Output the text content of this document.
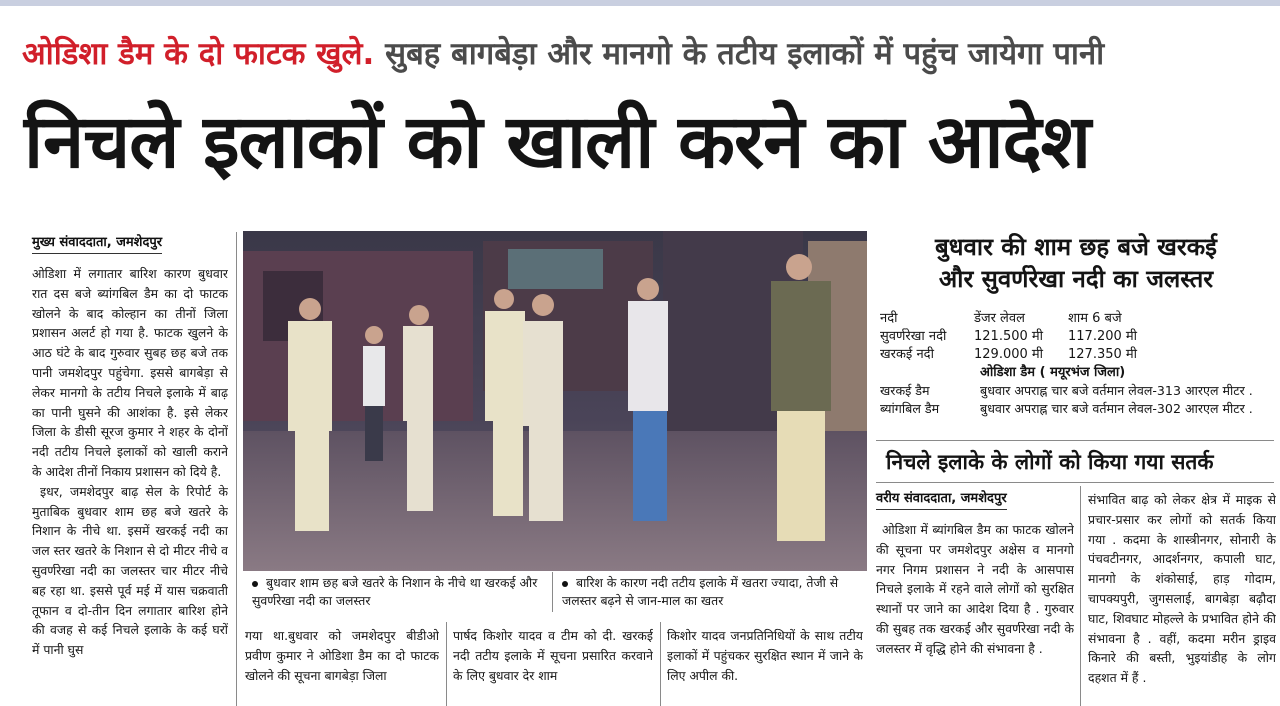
ओडिशा डैम के दो फाटक खुले. सुबह बागबेड़ा और मानगो के तटीय इलाकों में पहुंच जायेगा पानी
निचले इलाकों को खाली करने का आदेश
मुख्य संवाददाता, जमशेदपुर

ओडिशा में लगातार बारिश कारण बुधवार रात दस बजे ब्यांगबिल डैम का दो फाटक खोलने के बाद कोल्हान का तीनों जिला प्रशासन अलर्ट हो गया है. फाटक खुलने के आठ घंटे के बाद गुरुवार सुबह छह बजे तक पानी जमशेदपुर पहुंचेगा. इससे बागबेड़ा से लेकर मानगो के तटीय निचले इलाके में बाढ़ का पानी घुसने की आशंका है. इसे लेकर जिला के डीसी सूरज कुमार ने शहर के दोनों नदी तटीय निचले इलाकों को खाली कराने के आदेश तीनों निकाय प्रशासन को दिये है.

इधर, जमशेदपुर बाढ़ सेल के रिपोर्ट के मुताबिक बुधवार शाम छह बजे खतरे के निशान के नीचे था. इसमें खरकई नदी का जल स्तर खतरे के निशान से दो मीटर नीचे व सुवर्णरेखा नदी का जलस्तर चार मीटर नीचे बह रहा था. इससे पूर्व मई में यास चक्रवाती तूफान व दो-तीन दिन लगातार बारिश होने की वजह से कई निचले इलाके के कई घरों में पानी घुस

बुधवार शाम छह बजे खतरे के निशान के नीचे था खरकई और सुवर्णरेखा नदी का जलस्तर
बारिश के कारण नदी तटीय इलाके में खतरा ज्यादा, तेजी से जलस्तर बढ़ने से जान-माल का खतर
गया था.बुधवार को जमशेदपुर बीडीओ प्रवीण कुमार ने ओडिशा डैम का दो फाटक खोलने की सूचना बागबेड़ा जिला
पार्षद किशोर यादव व टीम को दी. खरकई नदी तटीय इलाके में सूचना प्रसारित करवाने के लिए बुधवार देर शाम
किशोर यादव जनप्रतिनिधियों के साथ तटीय इलाकों में पहुंचकर सुरक्षित स्थान में जाने के लिए अपील की.
बुधवार की शाम छह बजे खरकई
और सुवर्णरेखा नदी का जलस्तर
नदी	डेंजर लेवल	शाम 6 बजे
सुवर्णरेखा नदी	121.500 मी	117.200 मी
खरकई नदी	129.000 मी	127.350 मी
ओडिशा डैम ( मयूरभंज जिला)
खरकई डैम	बुधवार अपराह्न चार बजे वर्तमान लेवल-313 आरएल मीटर .
ब्यांगबिल डैम	बुधवार अपराह्न चार बजे वर्तमान लेवल-302 आरएल मीटर .
निचले इलाके के लोगों को किया गया सतर्क
वरीय संवाददाता, जमशेदपुर
ओडिशा में ब्यांगबिल डैम का फाटक खोलने की सूचना पर जमशेदपुर अक्षेस व मानगो नगर निगम प्रशासन ने नदी के आसपास निचले इलाके में रहने वाले लोगों को सुरक्षित स्थानों पर जाने का आदेश दिया है . गुरुवार की सुबह तक खरकई और सुवर्णरेखा नदी के जलस्तर में वृद्धि होने की संभावना है .
संभावित बाढ़ को लेकर क्षेत्र में माइक से प्रचार-प्रसार कर लोगों को सतर्क किया गया . कदमा के शास्त्रीनगर, सोनारी के पंचवटीनगर, आदर्शनगर, कपाली घाट, मानगो के शंकोसाई, हाड़ गोदाम, चापक्यपुरी, जुगसलाई, बागबेड़ा बढ़ौदा घाट, शिवघाट मोहल्ले के प्रभावित होने की संभावना है . वहीं, कदमा मरीन ड्राइव किनारे की बस्ती, भुइयांडीह के लोग दहशत में हैं .
